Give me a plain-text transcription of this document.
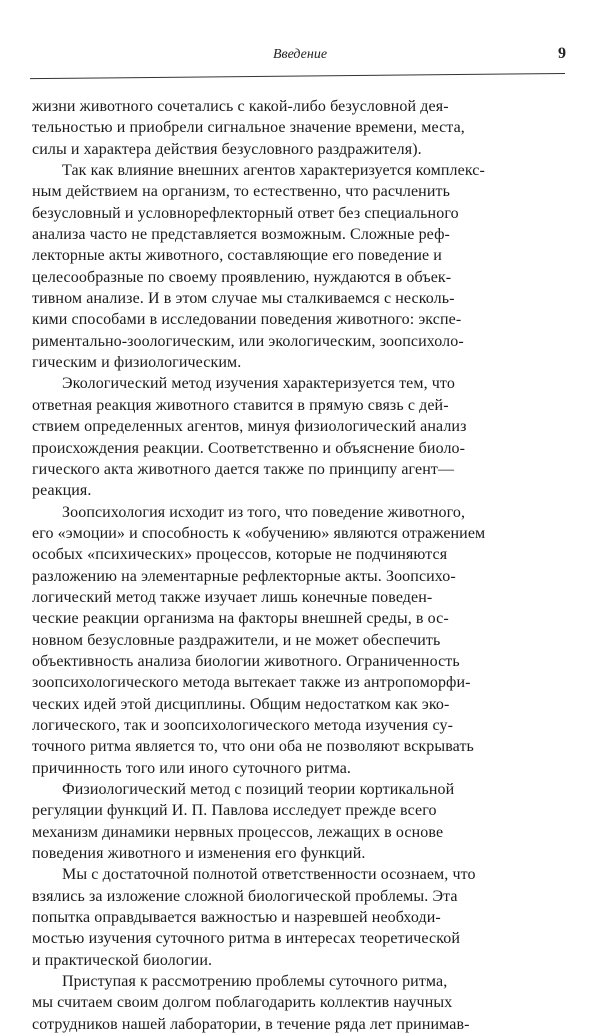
Введение	9
жизни животного сочетались с какой-либо безусловной дея-
тельностью и приобрели сигнальное значение времени, места,
силы и характера действия безусловного раздражителя).
Так как влияние внешних агентов характеризуется комплекс-
ным действием на организм, то естественно, что расчленить
безусловный и условнорефлекторный ответ без специального
анализа часто не представляется возможным. Сложные реф-
лекторные акты животного, составляющие его поведение и
целесообразные по своему проявлению, нуждаются в объек-
тивном анализе. И в этом случае мы сталкиваемся с несколь-
кими способами в исследовании поведения животного: экспе-
риментально-зоологическим, или экологическим, зоопсихоло-
гическим и физиологическим.
Экологический метод изучения характеризуется тем, что
ответная реакция животного ставится в прямую связь с дей-
ствием определенных агентов, минуя физиологический анализ
происхождения реакции. Соответственно и объяснение биоло-
гического акта животного дается также по принципу агент—
реакция.
Зоопсихология исходит из того, что поведение животного,
его «эмоции» и способность к «обучению» являются отражением
особых «психических» процессов, которые не подчиняются
разложению на элементарные рефлекторные акты. Зоопсихо-
логический метод также изучает лишь конечные поведен-
ческие реакции организма на факторы внешней среды, в ос-
новном безусловные раздражители, и не может обеспечить
объективность анализа биологии животного. Ограниченность
зоопсихологического метода вытекает также из антропоморфи-
ческих идей этой дисциплины. Общим недостатком как эко-
логического, так и зоопсихологического метода изучения су-
точного ритма является то, что они оба не позволяют вскрывать
причинность того или иного суточного ритма.
Физиологический метод с позиций теории кортикальной
регуляции функций И. П. Павлова исследует прежде всего
механизм динамики нервных процессов, лежащих в основе
поведения животного и изменения его функций.
Мы с достаточной полнотой ответственности осознаем, что
взялись за изложение сложной биологической проблемы. Эта
попытка оправдывается важностью и назревшей необходи-
мостью изучения суточного ритма в интересах теоретической
и практической биологии.
Приступая к рассмотрению проблемы суточного ритма,
мы считаем своим долгом поблагодарить коллектив научных
сотрудников нашей лаборатории, в течение ряда лет принимав-
